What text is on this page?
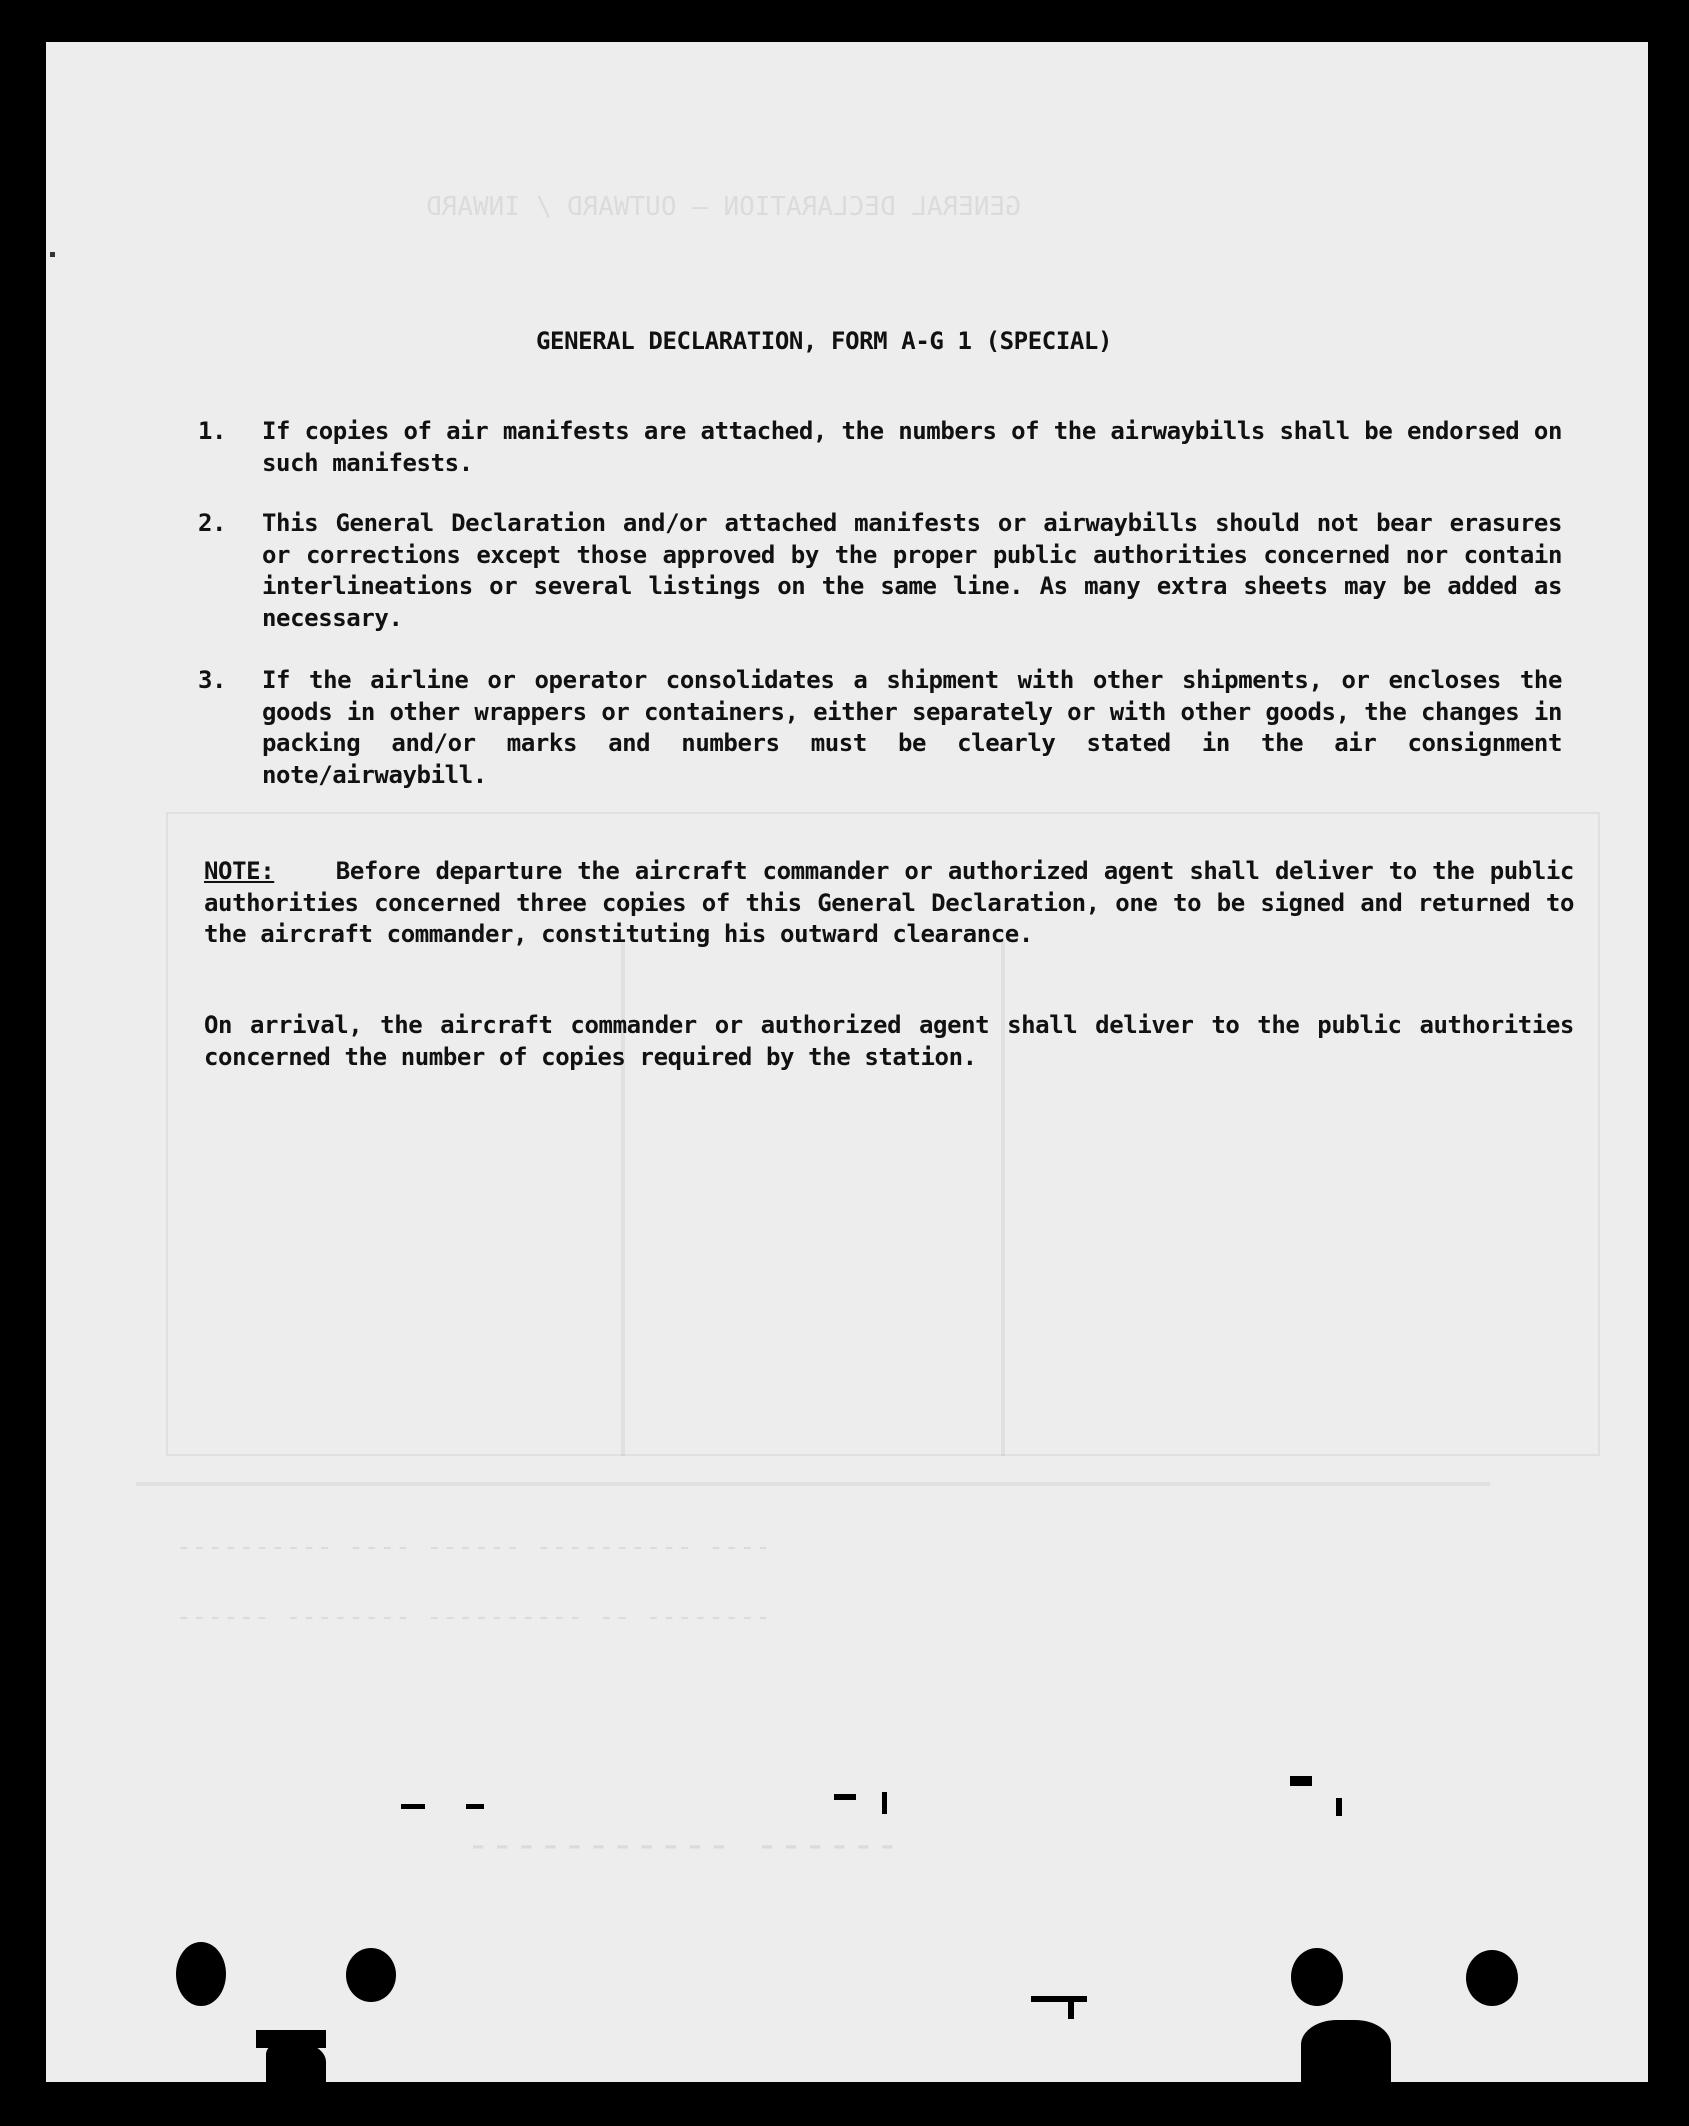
GENERAL DECLARATION — OUTWARD / INWARD
---- ---------- ------ ---- ----------
-------- -- ---------- -------- ------
------ -----------
GENERAL DECLARATION, FORM A-G 1 (SPECIAL)
1.	If copies of air manifests are attached, the numbers of the airwaybills shall be endorsed on such manifests.
2.	This General Declaration and/or attached manifests or airwaybills should not bear erasures or corrections except those approved by the proper public authorities concerned nor contain interlineations or several listings on the same line. As many extra sheets may be added as necessary.
3.	If the airline or operator consolidates a shipment with other shipments, or encloses the goods in other wrappers or containers, either separately or with other goods, the changes in packing and/or marks and numbers must be clearly stated in the air consignment note/airwaybill.
NOTE:	Before departure the aircraft commander or authorized agent shall deliver to the public authorities concerned three copies of this General Declaration, one to be signed and returned to the aircraft commander, constituting his outward clearance.
On arrival, the aircraft commander or authorized agent shall deliver to the public authorities concerned the number of copies required by the station.
